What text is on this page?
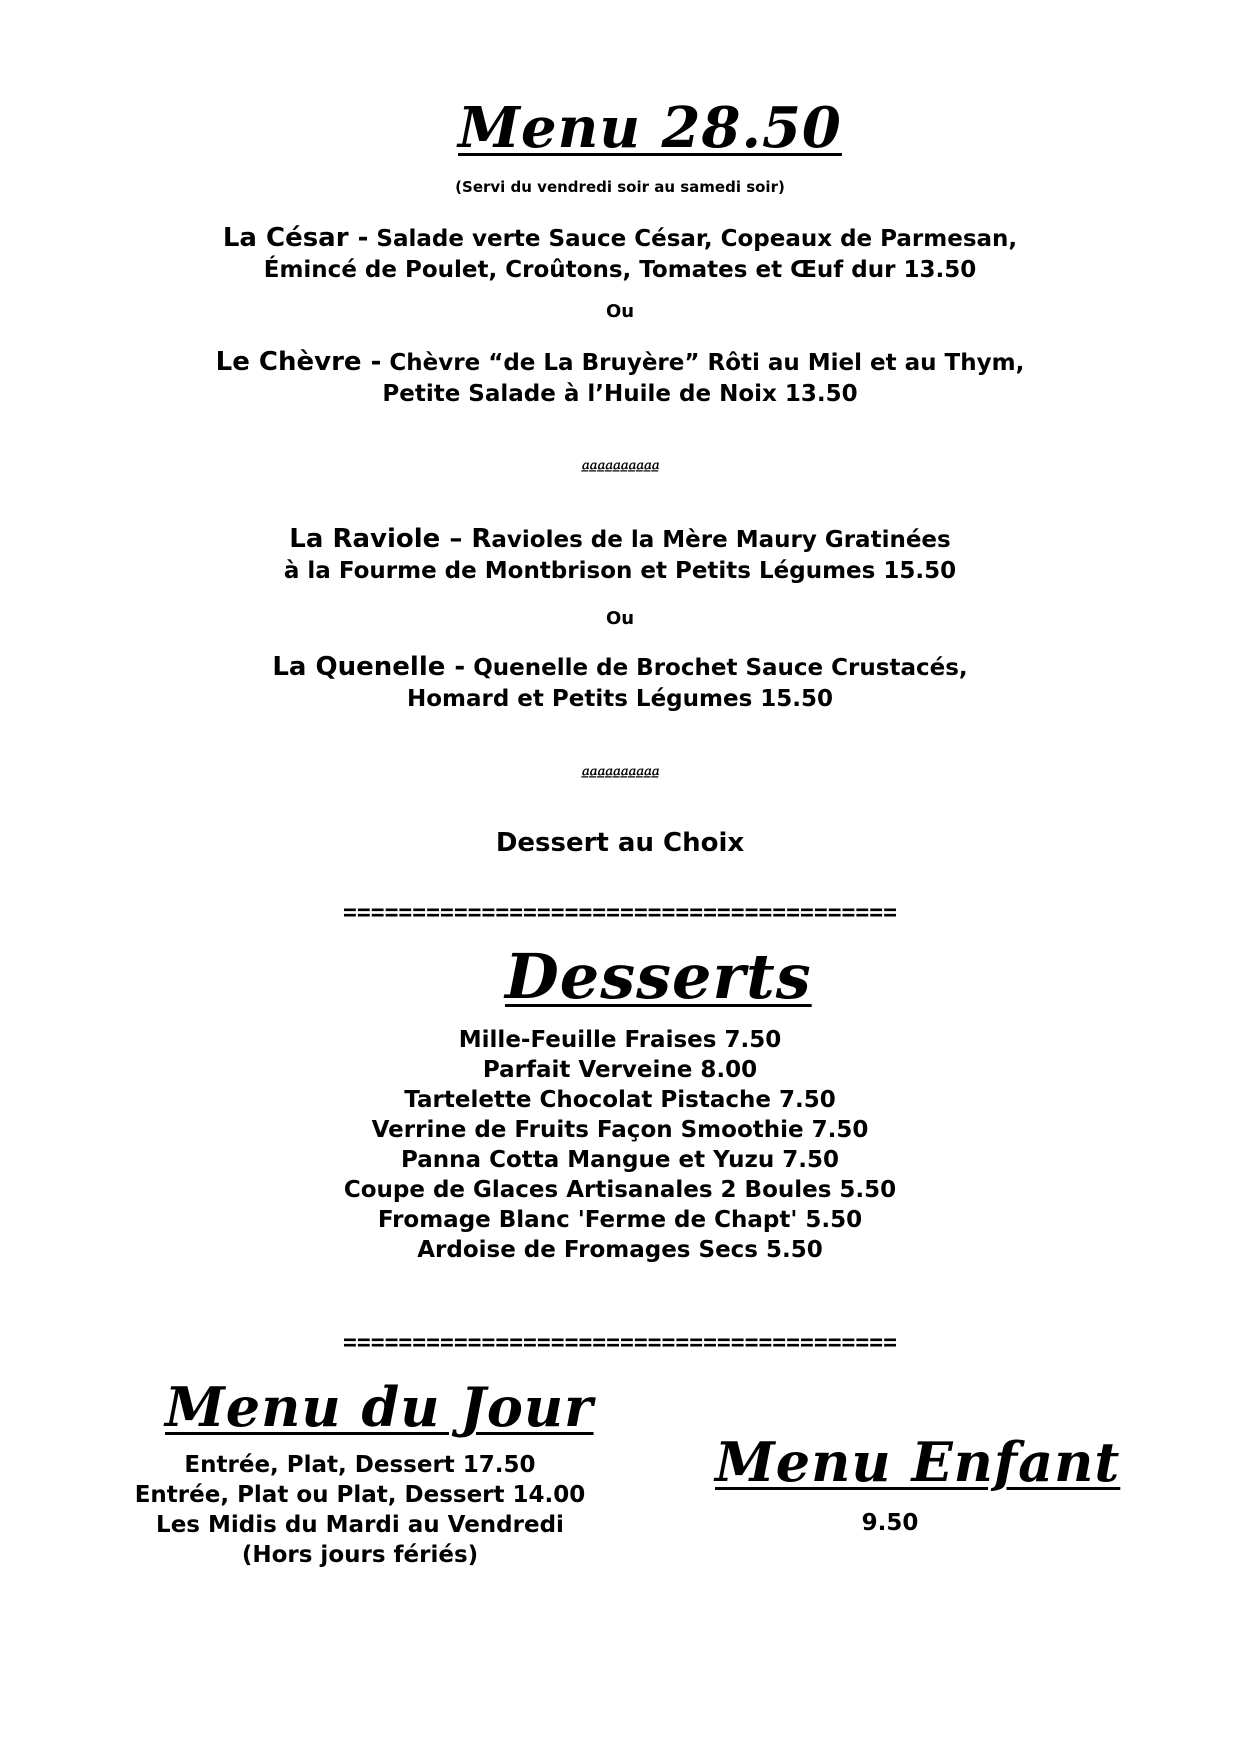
Menu 28.50
(Servi du vendredi soir au samedi soir)
La César - Salade verte Sauce César, Copeaux de Parmesan,
Émincé de Poulet, Croûtons, Tomates et Œuf dur 13.50
Ou
Le Chèvre - Chèvre “de La Bruyère” Rôti au Miel et au Thym,
Petite Salade à l’Huile de Noix 13.50
ªªªªªªªªªª
La Raviole – Ravioles de la Mère Maury Gratinées
à la Fourme de Montbrison et Petits Légumes 15.50
Ou
La Quenelle - Quenelle de Brochet Sauce Crustacés,
Homard et Petits Légumes 15.50
ªªªªªªªªªª
Dessert au Choix
========================================
Desserts
Mille-Feuille Fraises 7.50
Parfait Verveine 8.00
Tartelette Chocolat Pistache 7.50
Verrine de Fruits Façon Smoothie 7.50
Panna Cotta Mangue et Yuzu 7.50
Coupe de Glaces Artisanales 2 Boules 5.50
Fromage Blanc 'Ferme de Chapt' 5.50
Ardoise de Fromages Secs 5.50
========================================
Menu du Jour
Entrée, Plat, Dessert 17.50
Entrée, Plat ou Plat, Dessert 14.00
Les Midis du Mardi au Vendredi
(Hors jours fériés)
Menu Enfant
9.50
